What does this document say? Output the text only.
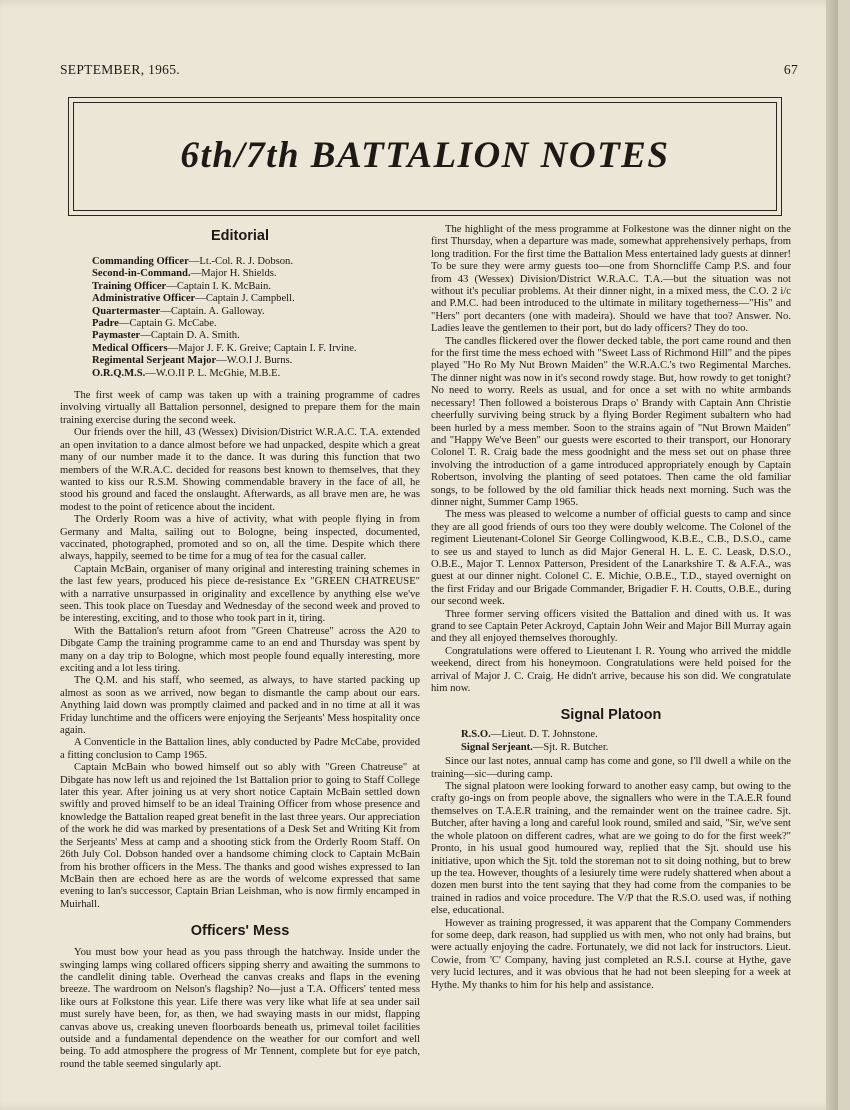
SEPTEMBER, 1965.	67
6th/7th BATTALION NOTES
Editorial
Commanding Officer—Lt.-Col. R. J. Dobson.
Second-in-Command.—Major H. Shields.
Training Officer—Captain I. K. McBain.
Administrative Officer—Captain J. Campbell.
Quartermaster—Captain. A. Galloway.
Padre—Captain G. McCabe.
Paymaster—Captain D. A. Smith.
Medical Officers—Major J. F. K. Greive; Captain I. F. Irvine.
Regimental Serjeant Major—W.O.I J. Burns.
O.R.Q.M.S.—W.O.II P. L. McGhie, M.B.E.

The first week of camp was taken up with a training programme of cadres involving virtually all Battalion personnel, designed to prepare them for the main training exercise during the second week.

Our friends over the hill, 43 (Wessex) Division/District W.R.A.C. T.A. extended an open invitation to a dance almost before we had unpacked, despite which a great many of our number made it to the dance. It was during this function that two members of the W.R.A.C. decided for reasons best known to themselves, that they wanted to kiss our R.S.M. Showing commendable bravery in the face of all, he stood his ground and faced the onslaught. Afterwards, as all brave men are, he was modest to the point of reticence about the incident.

The Orderly Room was a hive of activity, what with people flying in from Germany and Malta, sailing out to Bologne, being inspected, documented, vaccinated, photographed, promoted and so on, all the time. Despite which there always, happily, seemed to be time for a mug of tea for the casual caller.

Captain McBain, organiser of many original and interesting training schemes in the last few years, produced his piece de-resistance Ex "GREEN CHATREUSE" with a narrative unsurpassed in originality and excellence by anything else we've seen. This took place on Tuesday and Wednesday of the second week and proved to be interesting, exciting, and to those who took part in it, tiring.

With the Battalion's return afoot from "Green Chatreuse" across the A20 to Dibgate Camp the training programme came to an end and Thursday was spent by many on a day trip to Bologne, which most people found equally interesting, more exciting and a lot less tiring.

The Q.M. and his staff, who seemed, as always, to have started packing up almost as soon as we arrived, now began to dismantle the camp about our ears. Anything laid down was promptly claimed and packed and in no time at all it was Friday lunchtime and the officers were enjoying the Serjeants' Mess hospitality once again.

A Conventicle in the Battalion lines, ably conducted by Padre McCabe, provided a fitting conclusion to Camp 1965.

Captain McBain who bowed himself out so ably with "Green Chatreuse" at Dibgate has now left us and rejoined the 1st Battalion prior to going to Staff College later this year. After joining us at very short notice Captain McBain settled down swiftly and proved himself to be an ideal Training Officer from whose presence and knowledge the Battalion reaped great benefit in the last three years. Our appreciation of the work he did was marked by presentations of a Desk Set and Writing Kit from the Serjeants' Mess at camp and a shooting stick from the Orderly Room Staff. On 26th July Col. Dobson handed over a handsome chiming clock to Captain McBain from his brother officers in the Mess. The thanks and good wishes expressed to Ian McBain then are echoed here as are the words of welcome expressed that same evening to Ian's successor, Captain Brian Leishman, who is now firmly encamped in Muirhall.

Officers' Mess

You must bow your head as you pass through the hatchway. Inside under the swinging lamps wing collared officers sipping sherry and awaiting the summons to the candlelit dining table. Overhead the canvas creaks and flaps in the evening breeze. The wardroom on Nelson's flagship? No—just a T.A. Officers' tented mess like ours at Folkstone this year. Life there was very like what life at sea under sail must surely have been, for, as then, we had swaying masts in our midst, flapping canvas above us, creaking uneven floorboards beneath us, primeval toilet facilities outside and a fundamental dependence on the weather for our comfort and well being. To add atmosphere the progress of Mr Tennent, complete but for eye patch, round the table seemed singularly apt.

The highlight of the mess programme at Folkestone was the dinner night on the first Thursday, when a departure was made, somewhat apprehensively perhaps, from long tradition. For the first time the Battalion Mess entertained lady guests at dinner! To be sure they were army guests too—one from Shorncliffe Camp P.S. and four from 43 (Wessex) Division/District W.R.A.C. T.A.—but the situation was not without it's peculiar problems. At their dinner night, in a mixed mess, the C.O. 2 i/c and P.M.C. had been introduced to the ultimate in military togetherness—"His" and "Hers" port decanters (one with madeira). Should we have that too? Answer. No. Ladies leave the gentlemen to their port, but do lady officers? They do too.

The candles flickered over the flower decked table, the port came round and then for the first time the mess echoed with "Sweet Lass of Richmond Hill" and the pipes played "Ho Ro My Nut Brown Maiden" the W.R.A.C.'s two Regimental Marches. The dinner night was now in it's second rowdy stage. But, how rowdy to get tonight? No need to worry. Reels as usual, and for once a set with no white armbands necessary! Then followed a boisterous Draps o' Brandy with Captain Ann Christie cheerfully surviving being struck by a flying Border Regiment subaltern who had been hurled by a mess member. Soon to the strains again of "Nut Brown Maiden" and "Happy We've Been" our guests were escorted to their transport, our Honorary Colonel T. R. Craig bade the mess goodnight and the mess set out on phase three involving the introduction of a game introduced appropriately enough by Captain Robertson, involving the planting of seed potatoes. Then came the old familiar songs, to be followed by the old familiar thick heads next morning. Such was the dinner night, Summer Camp 1965.

The mess was pleased to welcome a number of official guests to camp and since they are all good friends of ours too they were doubly welcome. The Colonel of the regiment Lieutenant-Colonel Sir George Collingwood, K.B.E., C.B., D.S.O., came to see us and stayed to lunch as did Major General H. L. E. C. Leask, D.S.O., O.B.E., Major T. Lennox Patterson, President of the Lanarkshire T. & A.F.A., was guest at our dinner night. Colonel C. E. Michie, O.B.E., T.D., stayed overnight on the first Friday and our Brigade Commander, Brigadier F. H. Coutts, O.B.E., during our second week.

Three former serving officers visited the Battalion and dined with us. It was grand to see Captain Peter Ackroyd, Captain John Weir and Major Bill Murray again and they all enjoyed themselves thoroughly.

Congratulations were offered to Lieutenant I. R. Young who arrived the middle weekend, direct from his honeymoon. Congratulations were held poised for the arrival of Major J. C. Craig. He didn't arrive, because his son did. We congratulate him now.

Signal Platoon
R.S.O.—Lieut. D. T. Johnstone.
Signal Serjeant.—Sjt. R. Butcher.

Since our last notes, annual camp has come and gone, so I'll dwell a while on the training—sic—during camp.

The signal platoon were looking forward to another easy camp, but owing to the crafty go-ings on from people above, the signallers who were in the T.A.E.R found themselves on T.A.E.R training, and the remainder went on the trainee cadre. Sjt. Butcher, after having a long and careful look round, smiled and said, "Sir, we've sent the whole platoon on different cadres, what are we going to do for the first week?" Pronto, in his usual good humoured way, replied that the Sjt. should use his initiative, upon which the Sjt. told the storeman not to sit doing nothing, but to brew up the tea. However, thoughts of a lesiurely time were rudely shattered when about a dozen men burst into the tent saying that they had come from the companies to be trained in radios and voice procedure. The V/P that the R.S.O. used was, if nothing else, educational.

However as training progressed, it was apparent that the Company Commenders for some deep, dark reason, had supplied us with men, who not only had brains, but were actually enjoying the cadre. Fortunately, we did not lack for instructors. Lieut. Cowie, from 'C' Company, having just completed an R.S.I. course at Hythe, gave very lucid lectures, and it was obvious that he had not been sleeping for a week at Hythe. My thanks to him for his help and assistance.
